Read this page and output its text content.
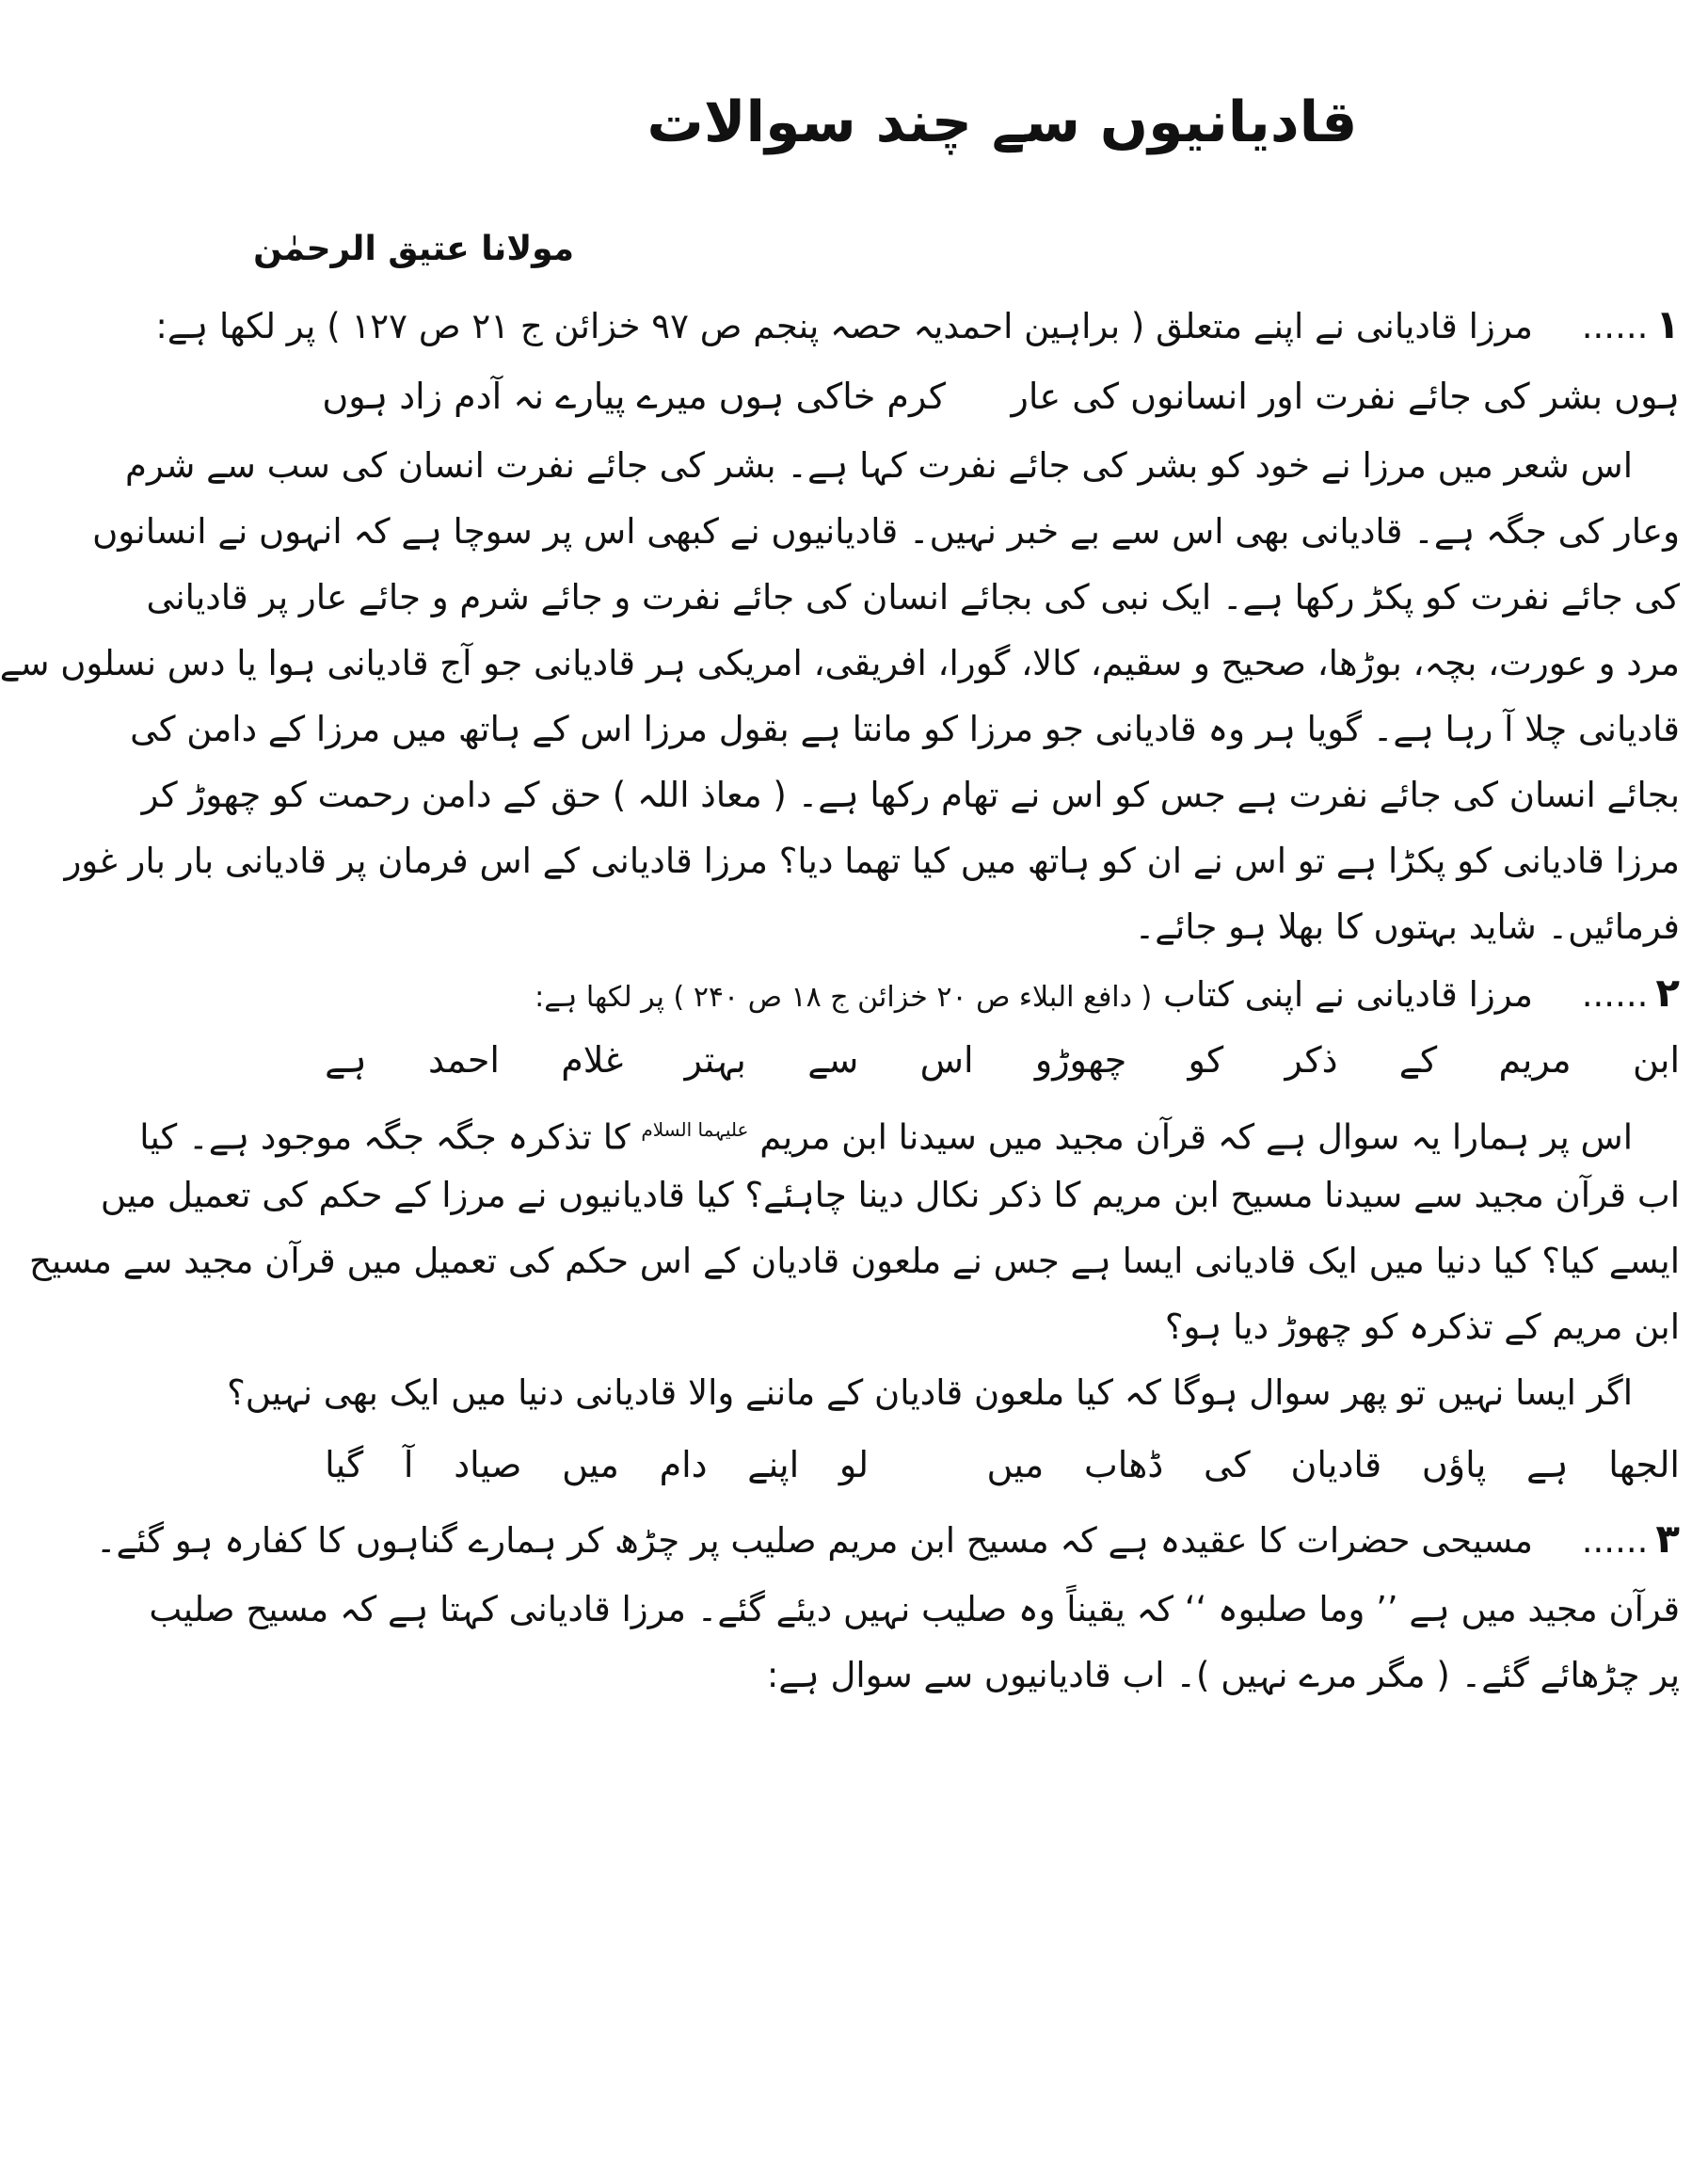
قادیانیوں سے چند سوالات
مولانا عتیق الرحمٰن
۱...... مرزا قادیانی نے اپنے متعلق ( براہین احمدیہ حصہ پنجم ص ۹۷ خزائن ج ۲۱ ص ۱۲۷ ) پر لکھا ہے:
ہوں بشر کی جائے نفرت اور انسانوں کی عار
کرم خاکی ہوں میرے پیارے نہ آدم زاد ہوں
اس شعر میں مرزا نے خود کو بشر کی جائے نفرت کہا ہے۔ بشر کی جائے نفرت انسان کی سب سے شرم
وعار کی جگہ ہے۔ قادیانی بھی اس سے بے خبر نہیں۔ قادیانیوں نے کبھی اس پر سوچا ہے کہ انہوں نے انسانوں
کی جائے نفرت کو پکڑ رکھا ہے۔ ایک نبی کی بجائے انسان کی جائے نفرت و جائے شرم و جائے عار پر قادیانی
مرد و عورت، بچہ، بوڑھا، صحیح و سقیم، کالا، گورا، افریقی، امریکی ہر قادیانی جو آج قادیانی ہوا یا دس نسلوں سے
قادیانی چلا آ رہا ہے۔ گویا ہر وہ قادیانی جو مرزا کو مانتا ہے بقول مرزا اس کے ہاتھ میں مرزا کے دامن کی
بجائے انسان کی جائے نفرت ہے جس کو اس نے تھام رکھا ہے۔ ( معاذ اللہ ) حق کے دامن رحمت کو چھوڑ کر
مرزا قادیانی کو پکڑا ہے تو اس نے ان کو ہاتھ میں کیا تھما دیا؟ مرزا قادیانی کے اس فرمان پر قادیانی بار بار غور
فرمائیں۔ شاید بہتوں کا بھلا ہو جائے۔
۲...... مرزا قادیانی نے اپنی کتاب ( دافع البلاء ص ۲۰ خزائن ج ۱۸ ص ۲۴۰ ) پر لکھا ہے:
ابن
مریم
کے
ذکر
کو
چھوڑو
اس
سے
بہتر
غلام
احمد
ہے
اس پر ہمارا یہ سوال ہے کہ قرآن مجید میں سیدنا ابن مریم $^{علیہما السلام}$ کا تذکرہ جگہ جگہ موجود ہے۔ کیا
اب قرآن مجید سے سیدنا مسیح ابن مریم کا ذکر نکال دینا چاہئے؟ کیا قادیانیوں نے مرزا کے حکم کی تعمیل میں
ایسے کیا؟ کیا دنیا میں ایک قادیانی ایسا ہے جس نے ملعون قادیان کے اس حکم کی تعمیل میں قرآن مجید سے مسیح
ابن مریم کے تذکرہ کو چھوڑ دیا ہو؟
اگر ایسا نہیں تو پھر سوال ہوگا کہ کیا ملعون قادیان کے ماننے والا قادیانی دنیا میں ایک بھی نہیں؟
الجھا
ہے
پاؤں
قادیان
کی
ڈھاب
میں
لو
اپنے
دام
میں
صیاد
آ
گیا
۳...... مسیحی حضرات کا عقیدہ ہے کہ مسیح ابن مریم صلیب پر چڑھ کر ہمارے گناہوں کا کفارہ ہو گئے۔
قرآن مجید میں ہے ’’ وما صلبوہ ‘‘ کہ یقیناً وہ صلیب نہیں دیئے گئے۔ مرزا قادیانی کہتا ہے کہ مسیح صلیب
پر چڑھائے گئے۔ ( مگر مرے نہیں )۔ اب قادیانیوں سے سوال ہے:
